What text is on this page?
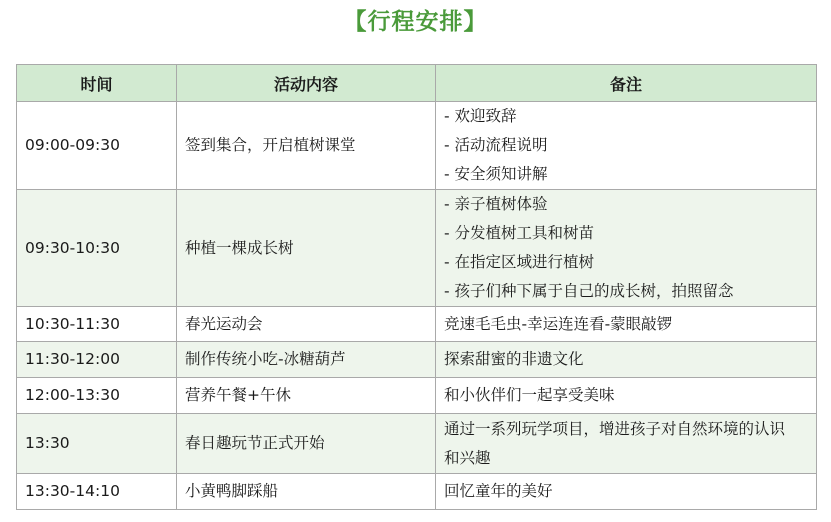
【行程安排】
时间	活动内容	备注
09:00-09:30	签到集合，开启植树课堂	- 欢迎致辞
- 活动流程说明
- 安全须知讲解

09:30-10:30	种植一棵成长树	- 亲子植树体验
- 分发植树工具和树苗
- 在指定区域进行植树
- 孩子们种下属于自己的成长树，拍照留念

10:30-11:30	春光运动会	竞速毛毛虫-幸运连连看-蒙眼敲锣

11:30-12:00	制作传统小吃-冰糖葫芦	探索甜蜜的非遗文化

12:00-13:30	营养午餐+午休	和小伙伴们一起享受美味

13:30	春日趣玩节正式开始	通过一系列玩学项目，增进孩子对自然环境的认识
和兴趣

13:30-14:10	小黄鸭脚踩船	回忆童年的美好
